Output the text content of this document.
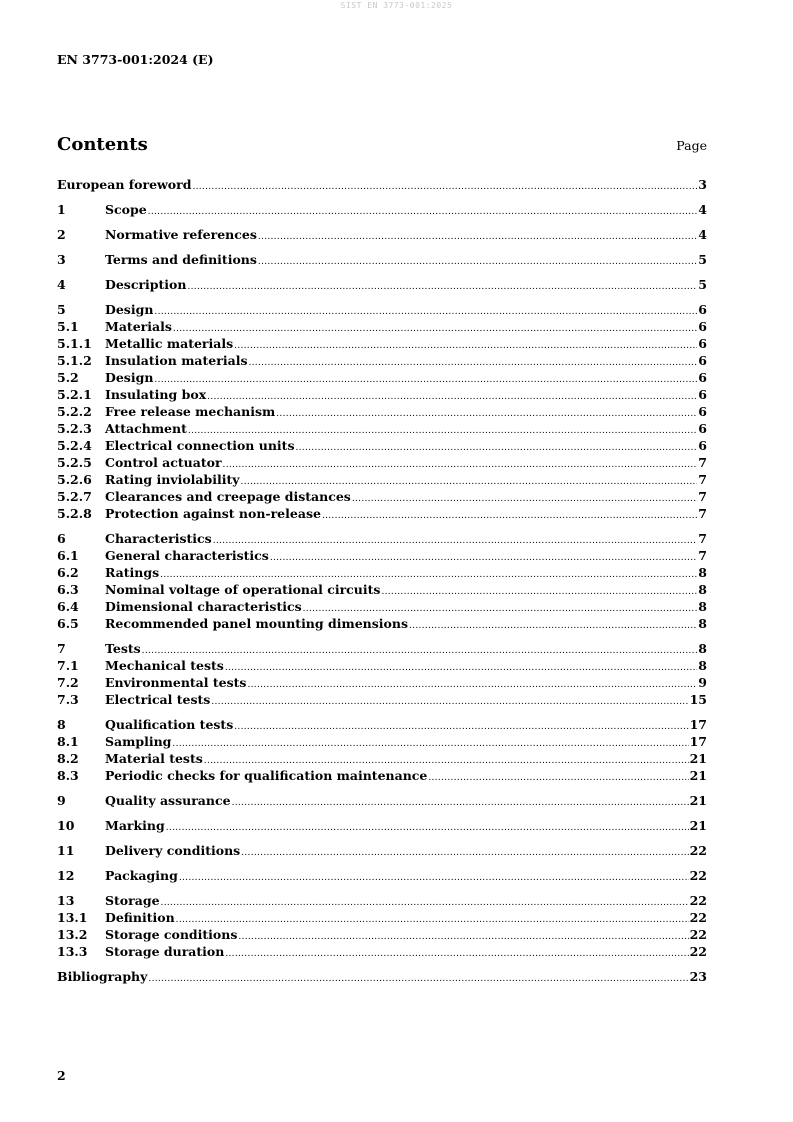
SIST EN 3773-001:2025
EN 3773-001:2024 (E)
Contents	Page
European foreword .....	3
1	Scope .....	4
2	Normative references .....	4
3	Terms and definitions .....	5
4	Description .....	5
5	Design .....	6
5.1	Materials .....	6
5.1.1	Metallic materials .....	6
5.1.2	Insulation materials .....	6
5.2	Design .....	6
5.2.1	Insulating box .....	6
5.2.2	Free release mechanism .....	6
5.2.3	Attachment .....	6
5.2.4	Electrical connection units .....	6
5.2.5	Control actuator .....	7
5.2.6	Rating inviolability .....	7
5.2.7	Clearances and creepage distances .....	7
5.2.8	Protection against non-release .....	7
6	Characteristics .....	7
6.1	General characteristics .....	7
6.2	Ratings .....	8
6.3	Nominal voltage of operational circuits .....	8
6.4	Dimensional characteristics .....	8
6.5	Recommended panel mounting dimensions .....	8
7	Tests .....	8
7.1	Mechanical tests .....	8
7.2	Environmental tests .....	9
7.3	Electrical tests .....	15
8	Qualification tests .....	17
8.1	Sampling .....	17
8.2	Material tests .....	21
8.3	Periodic checks for qualification maintenance .....	21
9	Quality assurance .....	21
10	Marking .....	21
11	Delivery conditions .....	22
12	Packaging .....	22
13	Storage .....	22
13.1	Definition .....	22
13.2	Storage conditions .....	22
13.3	Storage duration .....	22
Bibliography .....	23
2
